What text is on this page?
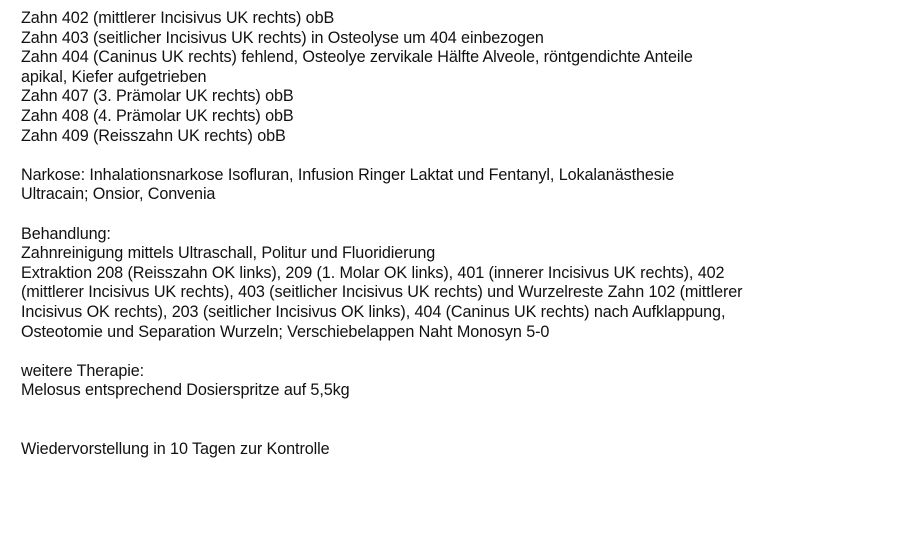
Zahn 402 (mittlerer Incisivus UK rechts) obB
Zahn 403 (seitlicher Incisivus UK rechts) in Osteolyse um 404 einbezogen
Zahn 404 (Caninus UK rechts) fehlend, Osteolye zervikale Hälfte Alveole, röntgendichte Anteile
apikal, Kiefer aufgetrieben
Zahn 407 (3. Prämolar UK rechts) obB
Zahn 408 (4. Prämolar UK rechts) obB
Zahn 409 (Reisszahn UK rechts) obB
Narkose: Inhalationsnarkose Isofluran, Infusion Ringer Laktat und Fentanyl, Lokalanästhesie
Ultracain; Onsior, Convenia
Behandlung:
Zahnreinigung mittels Ultraschall, Politur und Fluoridierung
Extraktion 208 (Reisszahn OK links), 209 (1. Molar OK links), 401 (innerer Incisivus UK rechts), 402
(mittlerer Incisivus UK rechts), 403 (seitlicher Incisivus UK rechts) und Wurzelreste Zahn 102 (mittlerer
Incisivus OK rechts), 203 (seitlicher Incisivus OK links), 404 (Caninus UK rechts) nach Aufklappung,
Osteotomie und Separation Wurzeln; Verschiebelappen Naht Monosyn 5-0
weitere Therapie:
Melosus entsprechend Dosierspritze auf 5,5kg
Wiedervorstellung in 10 Tagen zur Kontrolle
